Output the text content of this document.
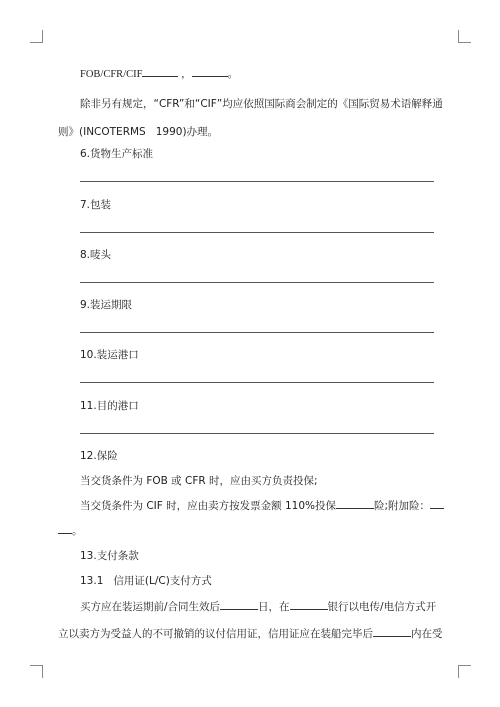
FOB/CFR/CIF	，	。
除非另有规定，“CFR”和“CIF”均应依照国际商会制定的《国际贸易术语解释通
则》(INCOTERMS   1990)办理。
6.货物生产标准
7.包装
8.唛头
9.装运期限
10.装运港口
11.目的港口
12.保险
当交货条件为 FOB 或 CFR 时，应由买方负责投保;
当交货条件为 CIF 时，应由卖方按发票金额 110%投保	险;附加险：
。
13.支付条款
13.1   信用证(L/C)支付方式
买方应在装运期前/合同生效后	日，在	银行以电传/电信方式开
立以卖方为受益人的不可撤销的议付信用证，信用证应在装船完毕后	内在受
